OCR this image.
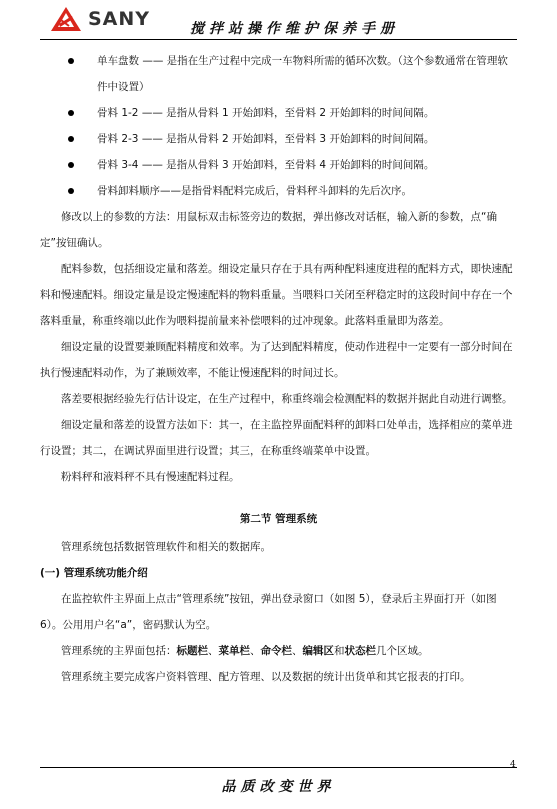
SANY	搅拌站操作维护保养手册

单车盘数 —— 是指在生产过程中完成一车物料所需的循环次数。（这个参数通常在管理软件中设置）

骨料 1-2 —— 是指从骨料 1 开始卸料，至骨料 2 开始卸料的时间间隔。

骨料 2-3 —— 是指从骨料 2 开始卸料，至骨料 3 开始卸料的时间间隔。

骨料 3-4 —— 是指从骨料 3 开始卸料，至骨料 4 开始卸料的时间间隔。

骨料卸料顺序——是指骨料配料完成后，骨料秤斗卸料的先后次序。

修改以上的参数的方法：用鼠标双击标签旁边的数据，弹出修改对话框，输入新的参数，点“确定”按钮确认。

配料参数，包括细设定量和落差。细设定量只存在于具有两种配料速度进程的配料方式，即快速配料和慢速配料。细设定量是设定慢速配料的物料重量。当喂料口关闭至秤稳定时的这段时间中存在一个落料重量，称重终端以此作为喂料提前量来补偿喂料的过冲现象。此落料重量即为落差。

细设定量的设置要兼顾配料精度和效率。为了达到配料精度，使动作进程中一定要有一部分时间在执行慢速配料动作，为了兼顾效率，不能让慢速配料的时间过长。

落差要根据经验先行估计设定，在生产过程中，称重终端会检测配料的数据并据此自动进行调整。

细设定量和落差的设置方法如下：其一，在主监控界面配料秤的卸料口处单击，选择相应的菜单进行设置；其二，在调试界面里进行设置；其三，在称重终端菜单中设置。

粉料秤和液料秤不具有慢速配料过程。

第二节 管理系统

管理系统包括数据管理软件和相关的数据库。

(一) 管理系统功能介绍

在监控软件主界面上点击“管理系统”按钮，弹出登录窗口（如图 5），登录后主界面打开（如图6）。公用用户名“a”，密码默认为空。

管理系统的主界面包括：标题栏、菜单栏、命令栏、编辑区和状态栏几个区域。

管理系统主要完成客户资料管理、配方管理、以及数据的统计出货单和其它报表的打印。

4
品质改变世界
